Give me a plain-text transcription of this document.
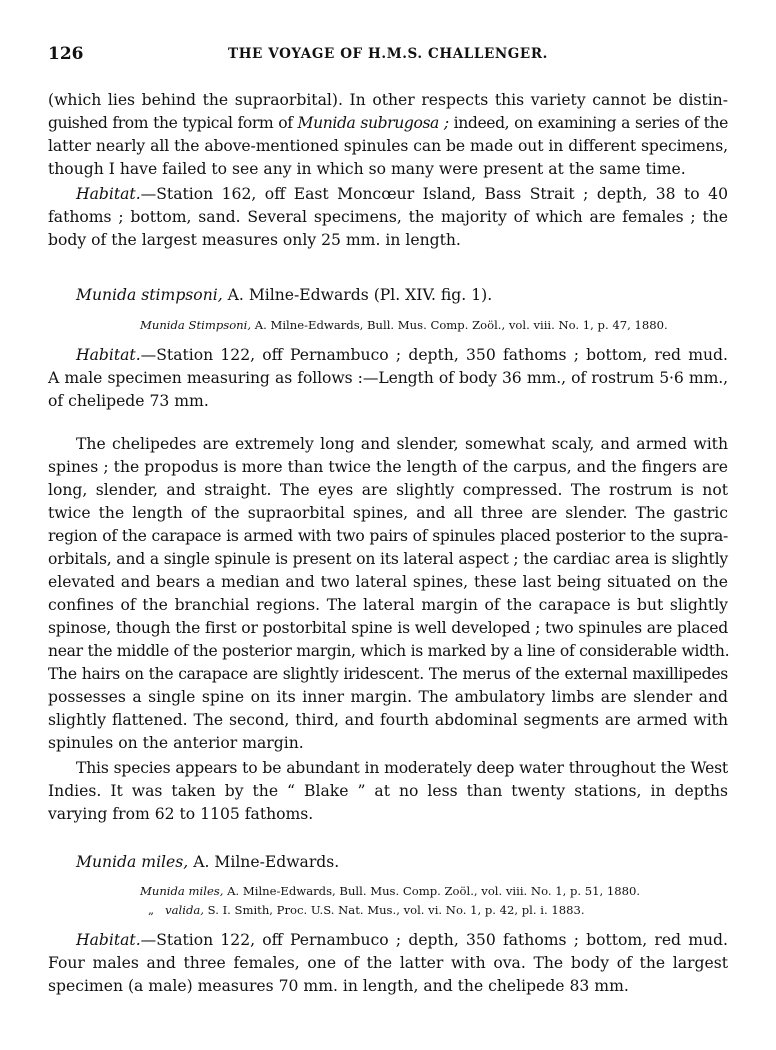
126	THE VOYAGE OF H.M.S. CHALLENGER.
(which lies behind the supraorbital). In other respects this variety cannot be distin-
guished from the typical form of Munida subrugosa ; indeed, on examining a series of the
latter nearly all the above-mentioned spinules can be made out in different specimens,
though I have failed to see any in which so many were present at the same time.
Habitat.—Station 162, off East Moncœur Island, Bass Strait ; depth, 38 to 40
fathoms ; bottom, sand. Several specimens, the majority of which are females ; the
body of the largest measures only 25 mm. in length.
Munida stimpsoni, A. Milne-Edwards (Pl. XIV. fig. 1).
Munida Stimpsoni, A. Milne-Edwards, Bull. Mus. Comp. Zoöl., vol. viii. No. 1, p. 47, 1880.
Habitat.—Station 122, off Pernambuco ; depth, 350 fathoms ; bottom, red mud.
A male specimen measuring as follows :—Length of body 36 mm., of rostrum 5·6 mm.,
of chelipede 73 mm.
The chelipedes are extremely long and slender, somewhat scaly, and armed with
spines ; the propodus is more than twice the length of the carpus, and the fingers are
long, slender, and straight. The eyes are slightly compressed. The rostrum is not
twice the length of the supraorbital spines, and all three are slender. The gastric
region of the carapace is armed with two pairs of spinules placed posterior to the supra-
orbitals, and a single spinule is present on its lateral aspect ; the cardiac area is slightly
elevated and bears a median and two lateral spines, these last being situated on the
confines of the branchial regions. The lateral margin of the carapace is but slightly
spinose, though the first or postorbital spine is well developed ; two spinules are placed
near the middle of the posterior margin, which is marked by a line of considerable width.
The hairs on the carapace are slightly iridescent. The merus of the external maxillipedes
possesses a single spine on its inner margin. The ambulatory limbs are slender and
slightly flattened. The second, third, and fourth abdominal segments are armed with
spinules on the anterior margin.
This species appears to be abundant in moderately deep water throughout the West
Indies. It was taken by the “ Blake ” at no less than twenty stations, in depths
varying from 62 to 1105 fathoms.
Munida miles, A. Milne-Edwards.
Munida miles, A. Milne-Edwards, Bull. Mus. Comp. Zoöl., vol. viii. No. 1, p. 51, 1880.
„ valida, S. I. Smith, Proc. U.S. Nat. Mus., vol. vi. No. 1, p. 42, pl. i. 1883.
Habitat.—Station 122, off Pernambuco ; depth, 350 fathoms ; bottom, red mud.
Four males and three females, one of the latter with ova. The body of the largest
specimen (a male) measures 70 mm. in length, and the chelipede 83 mm.
